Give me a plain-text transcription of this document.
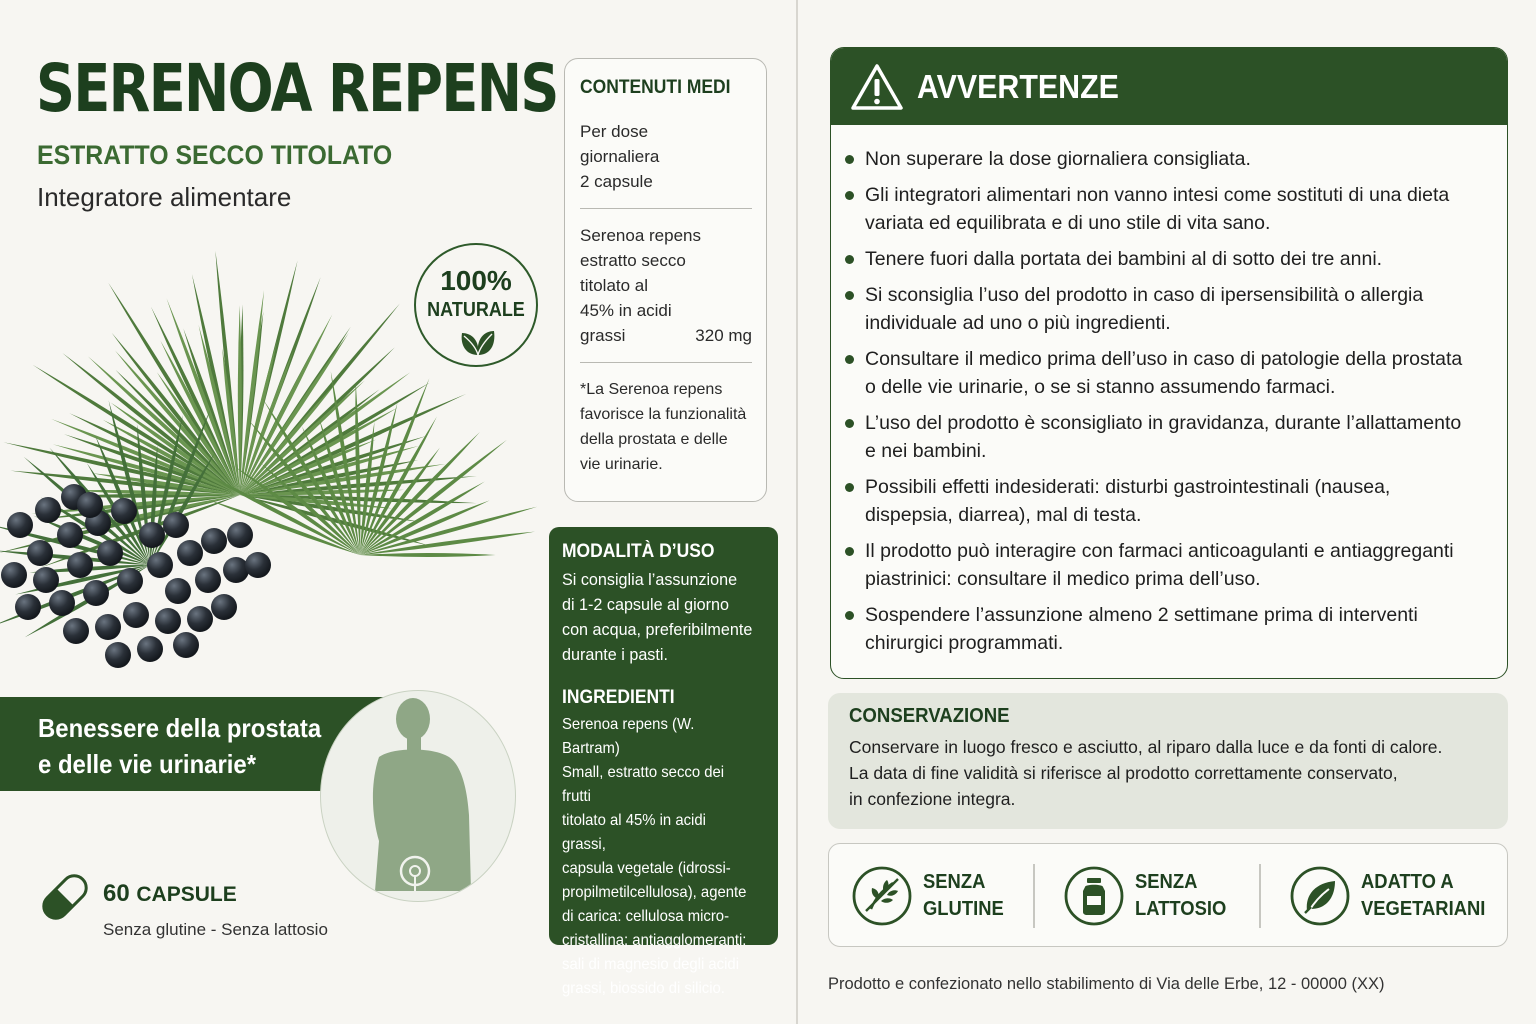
SERENOA REPENS
ESTRATTO SECCO TITOLATO
Integratore alimentare
100%
NATURALE
Benessere della prostata
e delle vie urinarie*
60 CAPSULE
Senza glutine - Senza lattosio
CONTENUTI MEDI
Per dose
giornaliera
2 capsule
Serenoa repens
estratto secco
titolato al
45% in acidi
grassi	320 mg
*La Serenoa repens
favorisce la funzionalità
della prostata e delle
vie urinarie.
MODALITÀ D’USO
Si consiglia l’assunzione
di 1-2 capsule al giorno
con acqua, preferibilmente
durante i pasti.
INGREDIENTI
Serenoa repens (W. Bartram)
Small, estratto secco dei frutti
titolato al 45% in acidi grassi,
capsula vegetale (idrossi-
propilmetilcellulosa), agente
di carica: cellulosa micro-
cristallina; antiagglomeranti:
sali di magnesio degli acidi
grassi, biossido di silicio.
AVVERTENZE
Non superare la dose giornaliera consigliata.
Gli integratori alimentari non vanno intesi come sostituti di una dieta
variata ed equilibrata e di uno stile di vita sano.
Tenere fuori dalla portata dei bambini al di sotto dei tre anni.
Si sconsiglia l’uso del prodotto in caso di ipersensibilità o allergia
individuale ad uno o più ingredienti.
Consultare il medico prima dell’uso in caso di patologie della prostata
o delle vie urinarie, o se si stanno assumendo farmaci.
L’uso del prodotto è sconsigliato in gravidanza, durante l’allattamento
e nei bambini.
Possibili effetti indesiderati: disturbi gastrointestinali (nausea,
dispepsia, diarrea), mal di testa.
Il prodotto può interagire con farmaci anticoagulanti e antiaggreganti
piastrinici: consultare il medico prima dell’uso.
Sospendere l’assunzione almeno 2 settimane prima di interventi
chirurgici programmati.
CONSERVAZIONE
Conservare in luogo fresco e asciutto, al riparo dalla luce e da fonti di calore.
La data di fine validità si riferisce al prodotto correttamente conservato,
in confezione integra.
SENZA
GLUTINE
SENZA
LATTOSIO
ADATTO A
VEGETARIANI
Prodotto e confezionato nello stabilimento di Via delle Erbe, 12 - 00000 (XX)
